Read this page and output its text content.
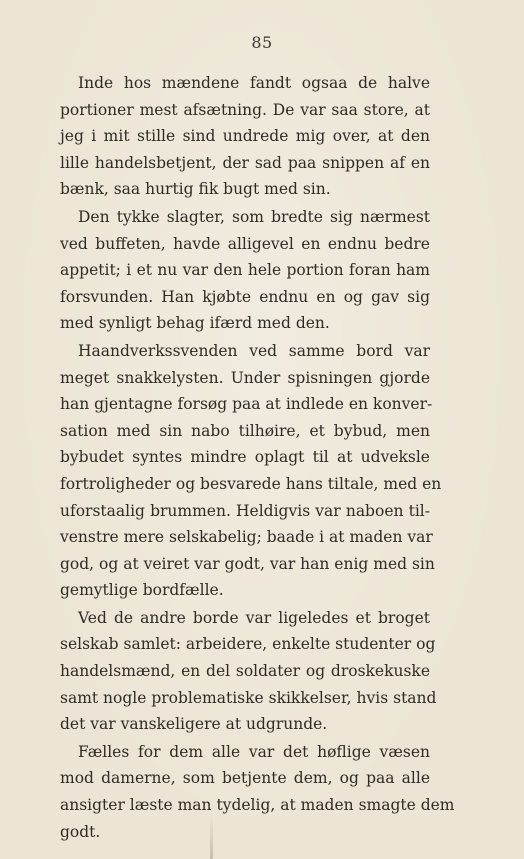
85

Inde hos mændene fandt ogsaa de halve
portioner mest afsætning. De var saa store, at
jeg i mit stille sind undrede mig over, at den
lille handelsbetjent, der sad paa snippen af en
bænk, saa hurtig fik bugt med sin.

Den tykke slagter, som bredte sig nærmest
ved buffeten, havde alligevel en endnu bedre
appetit; i et nu var den hele portion foran ham
forsvunden. Han kjøbte endnu en og gav sig
med synligt behag ifærd med den.

Haandverkssvenden ved samme bord var
meget snakkelysten. Under spisningen gjorde
han gjentagne forsøg paa at indlede en konver-
sation med sin nabo tilhøire, et bybud, men
bybudet syntes mindre oplagt til at udveksle
fortroligheder og besvarede hans tiltale, med en
uforstaalig brummen. Heldigvis var naboen til-
venstre mere selskabelig; baade i at maden var
god, og at veiret var godt, var han enig med sin
gemytlige bordfælle.

Ved de andre borde var ligeledes et broget
selskab samlet: arbeidere, enkelte studenter og
handelsmænd, en del soldater og droskekuske
samt nogle problematiske skikkelser, hvis stand
det var vanskeligere at udgrunde.

Fælles for dem alle var det høflige væsen
mod damerne, som betjente dem, og paa alle
ansigter læste man tydelig, at maden smagte dem
godt.
